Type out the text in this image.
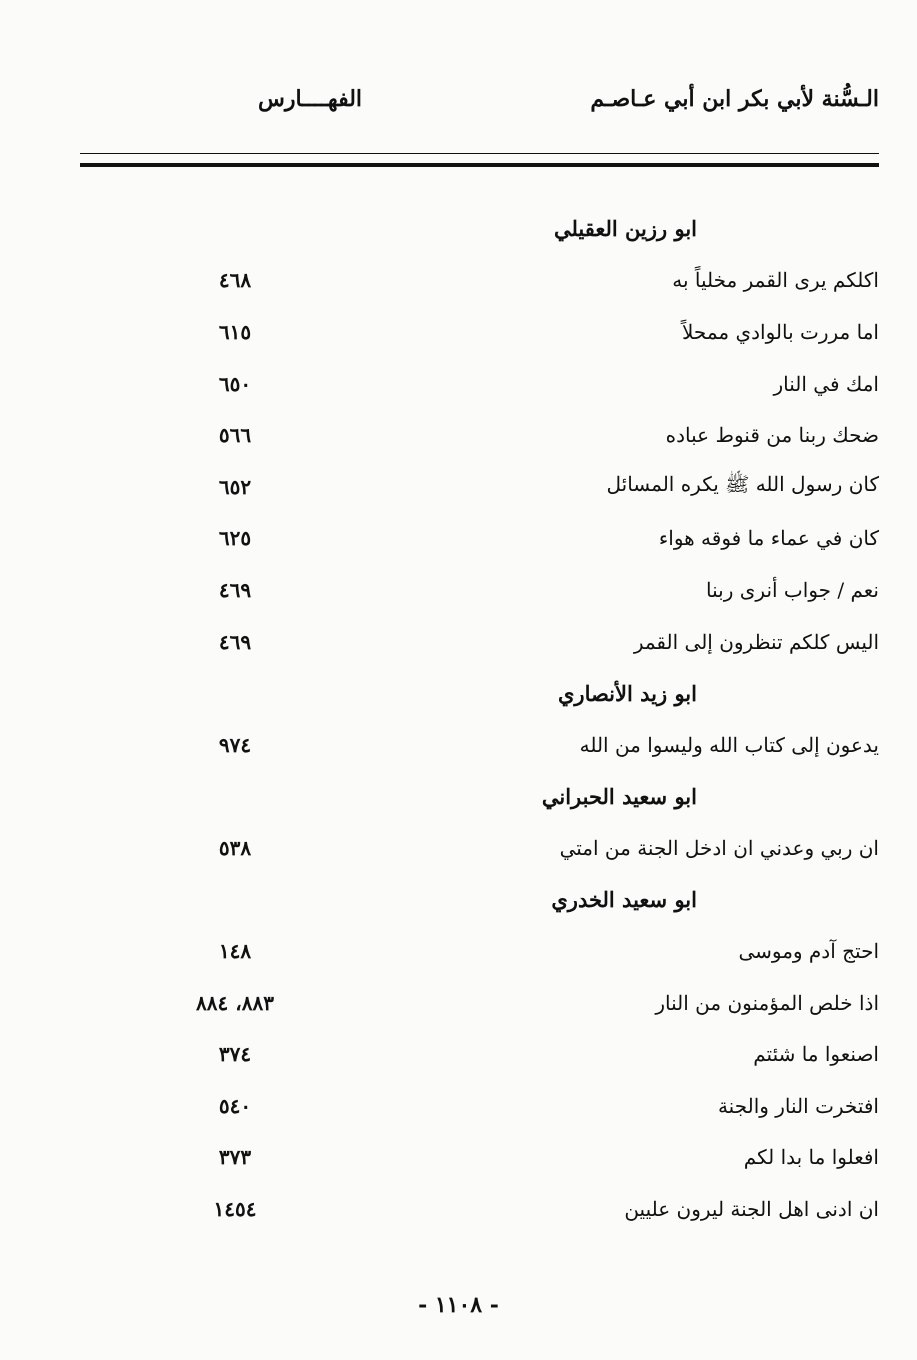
الـسُّنة لأبي بكر ابن أبي عـاصـم
الفهــــارس
ابو رزين العقيلي
اكلكم يرى القمر مخلياً به
٤٦٨
اما مررت بالوادي ممحلاً
٦١٥
امك في النار
٦٥٠
ضحك ربنا من قنوط عباده
٥٦٦
كان رسول الله ﷺ يكره المسائل
٦٥٢
كان في عماء ما فوقه هواء
٦٢٥
نعم / جواب أنرى ربنا
٤٦٩
اليس كلكم تنظرون إلى القمر
٤٦٩
ابو زيد الأنصاري
يدعون إلى كتاب الله وليسوا من الله
٩٧٤
ابو سعيد الحبراني
ان ربي وعدني ان ادخل الجنة من امتي
٥٣٨
ابو سعيد الخدري
احتج آدم وموسى
١٤٨
اذا خلص المؤمنون من النار
٨٨٣، ٨٨٤
اصنعوا ما شئتم
٣٧٤
افتخرت النار والجنة
٥٤٠
افعلوا ما بدا لكم
٣٧٣
ان ادنى اهل الجنة ليرون عليين
١٤٥٤
- ١١٠٨ -
